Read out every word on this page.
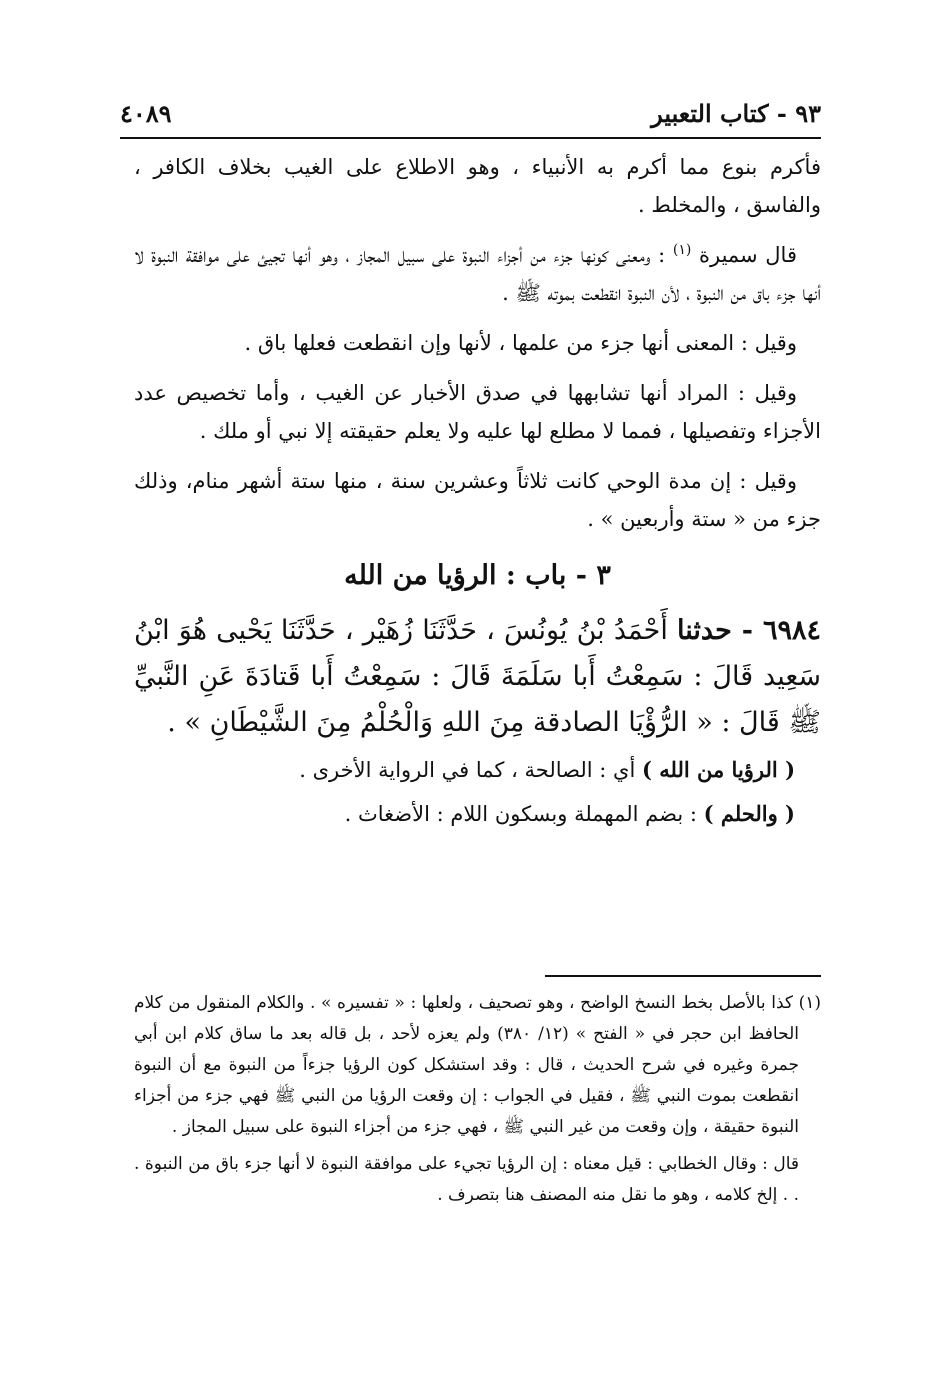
٩٣ - كتاب التعبير
٤٠٨٩

فأكرم بنوع مما أكرم به الأنبياء ، وهو الاطلاع على الغيب بخلاف الكافر ، والفاسق ، والمخلط .

قال سميرة $^{(١)}$ : ومعنى كونها جزء من أجزاء النبوة على سبيل المجاز ، وهو أنها تجيئ على موافقة النبوة لا أنها جزء باق من النبوة ، لأن النبوة انقطعت بموته ﷺ .

وقيل : المعنى أنها جزء من علمها ، لأنها وإن انقطعت فعلها باق .

وقيل : المراد أنها تشابهها في صدق الأخبار عن الغيب ، وأما تخصيص عدد الأجزاء وتفصيلها ، فمما لا مطلع لها عليه ولا يعلم حقيقته إلا نبي أو ملك .

وقيل : إن مدة الوحي كانت ثلاثاً وعشرين سنة ، منها ستة أشهر منام، وذلك جزء من « ستة وأربعين » .

٣ - باب : الرؤيا من الله

٦٩٨٤ - حدثنا أَحْمَدُ بْنُ يُونُسَ ، حَدَّثَنَا زُهَيْر ، حَدَّثَنَا يَحْيى هُوَ ابْنُ سَعِيد قَالَ : سَمِعْتُ أَبا سَلَمَةَ قَالَ : سَمِعْتُ أَبا قَتادَةَ عَنِ النَّبيِّ ﷺ قَالَ : « الرُّؤْيَا الصادقة مِنَ اللهِ وَالْحُلْمُ مِنَ الشَّيْطَانِ » .

( الرؤيا من الله ) أي : الصالحة ، كما في الرواية الأخرى .

( والحلم ) : بضم المهملة وبسكون اللام : الأضغاث .

(١) كذا بالأصل بخط النسخ الواضح ، وهو تصحيف ، ولعلها : « تفسيره » . والكلام المنقول من كلام الحافظ ابن حجر في « الفتح » (١٢/ ٣٨٠) ولم يعزه لأحد ، بل قاله بعد ما ساق كلام ابن أبي جمرة وغيره في شرح الحديث ، قال : وقد استشكل كون الرؤيا جزءاً من النبوة مع أن النبوة انقطعت بموت النبي ﷺ ، فقيل في الجواب : إن وقعت الرؤيا من النبي ﷺ فهي جزء من أجزاء النبوة حقيقة ، وإن وقعت من غير النبي ﷺ ، فهي جزء من أجزاء النبوة على سبيل المجاز .

قال : وقال الخطابي : قيل معناه : إن الرؤيا تجيء على موافقة النبوة لا أنها جزء باق من النبوة . . . إلخ كلامه ، وهو ما نقل منه المصنف هنا بتصرف .
